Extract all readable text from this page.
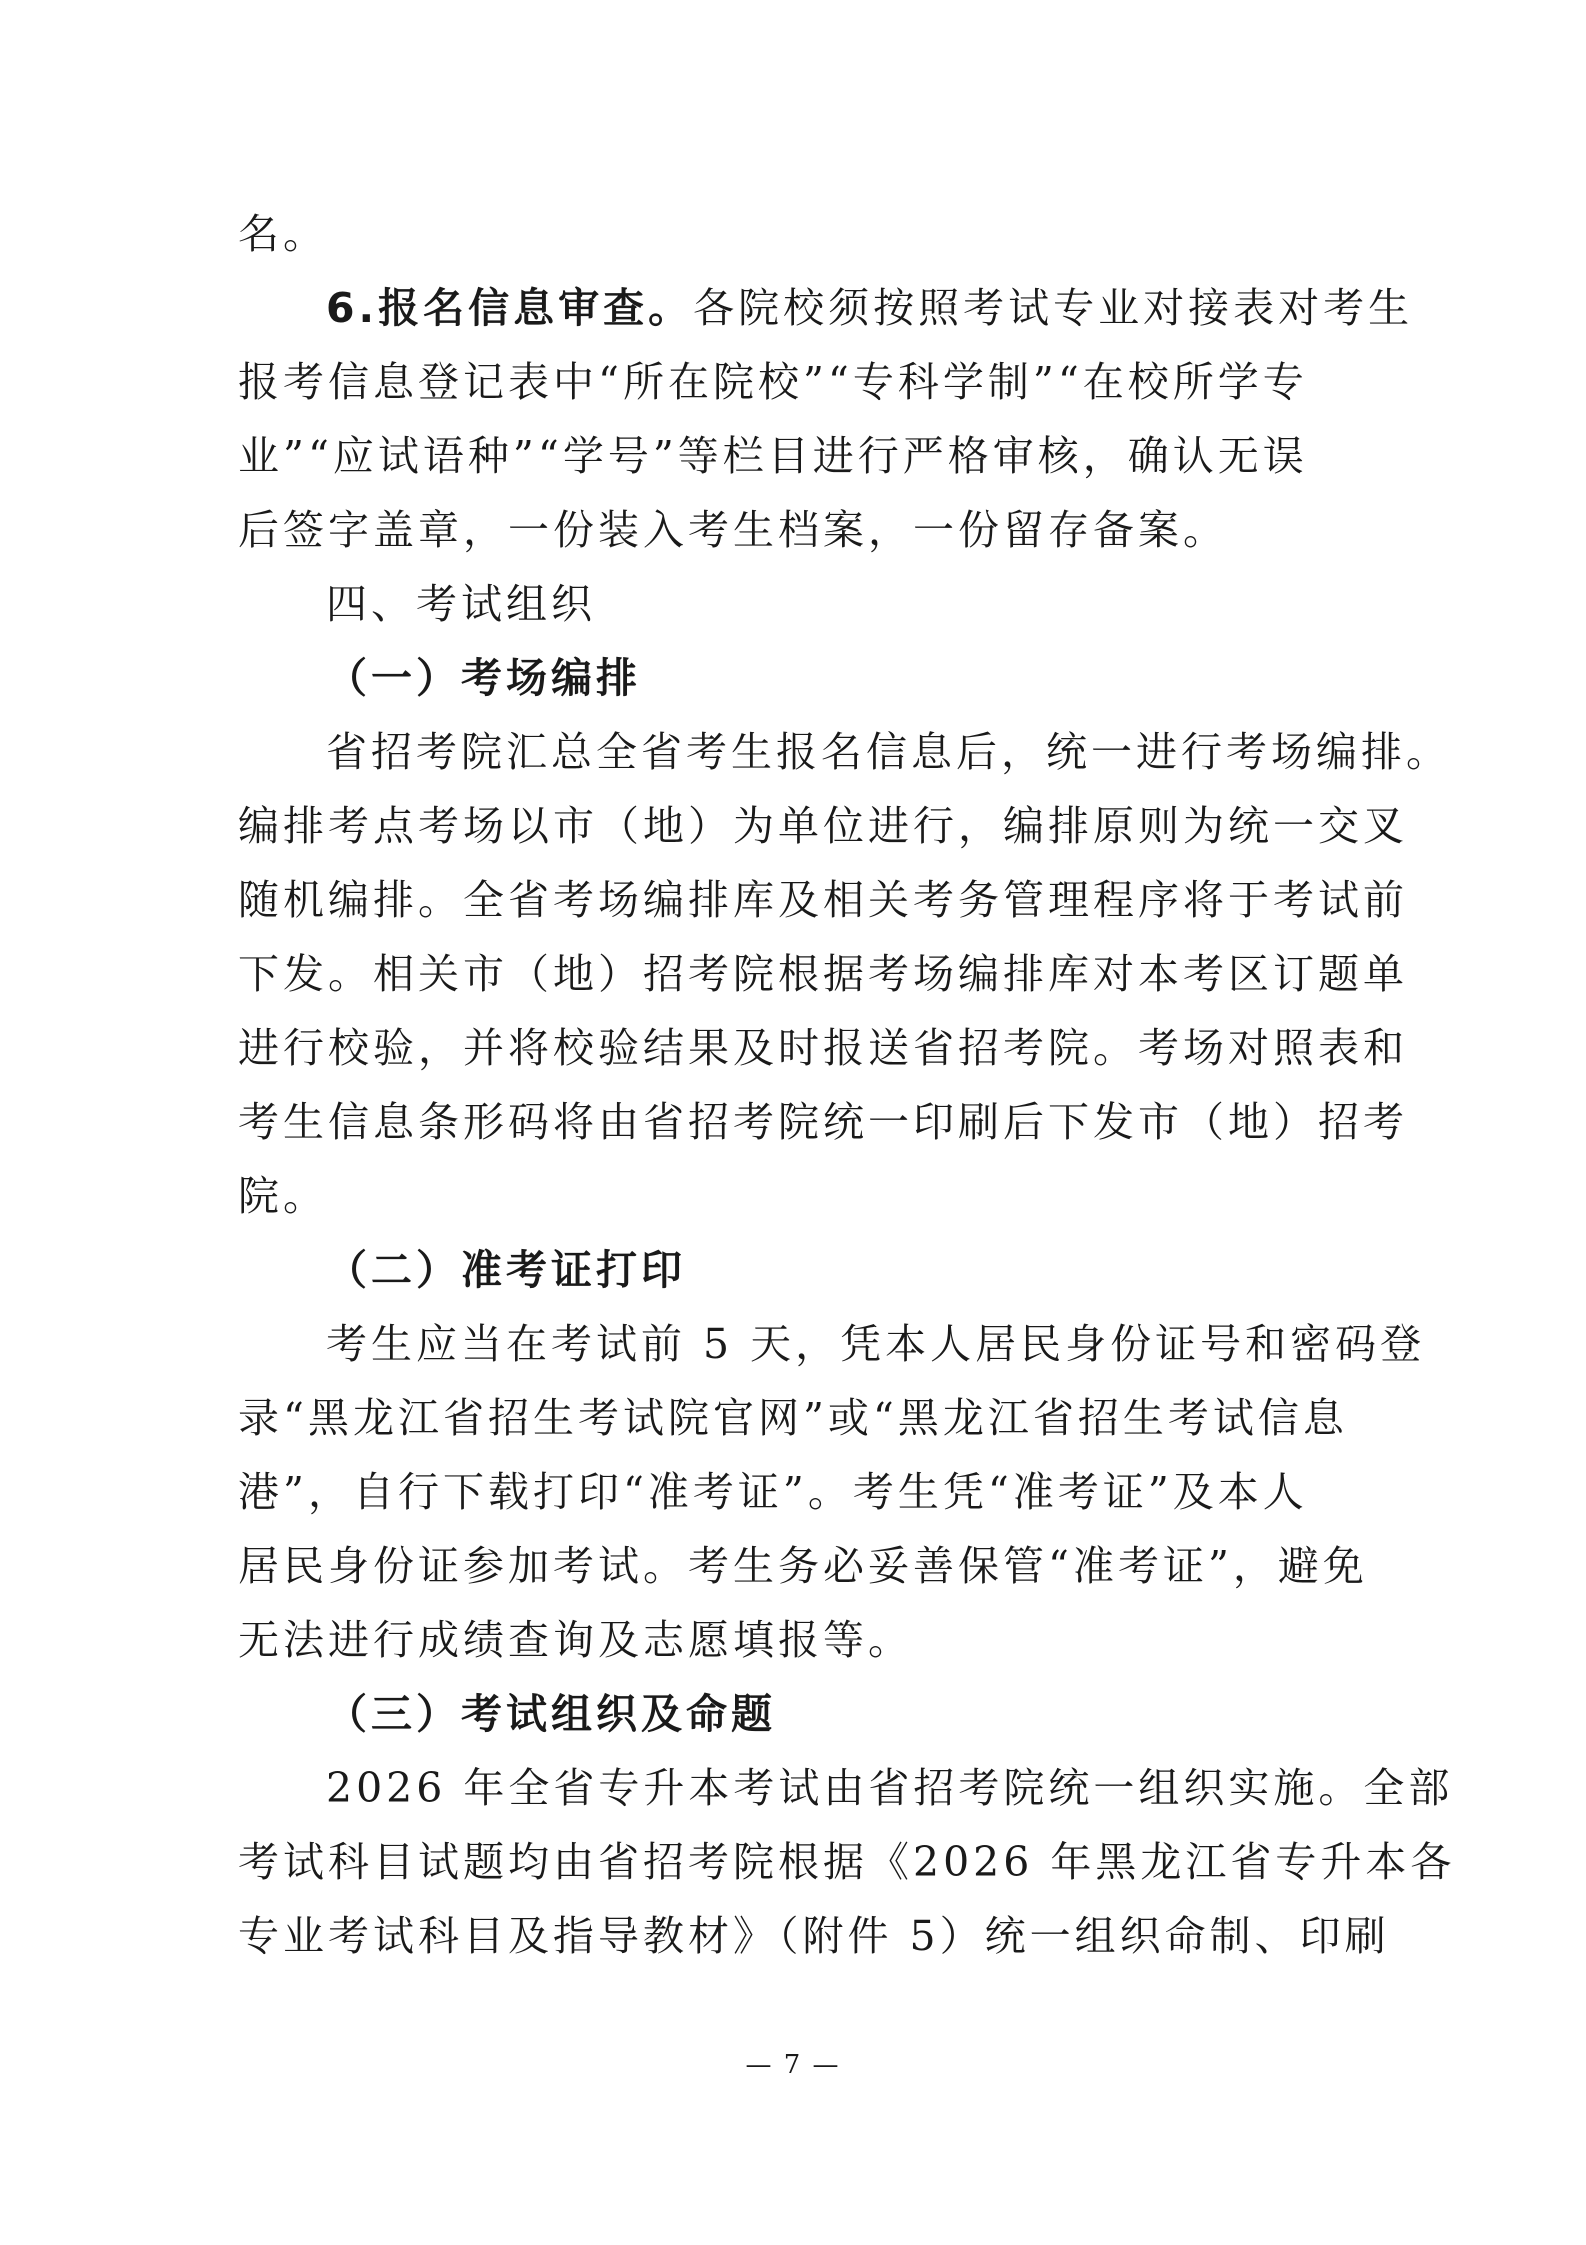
名。
6.报名信息审查。各院校须按照考试专业对接表对考生
报考信息登记表中“所在院校”“专科学制”“在校所学专
业”“应试语种”“学号”等栏目进行严格审核，确认无误
后签字盖章，一份装入考生档案，一份留存备案。
四、考试组织
（一）考场编排
省招考院汇总全省考生报名信息后，统一进行考场编排。
编排考点考场以市（地）为单位进行，编排原则为统一交叉
随机编排。全省考场编排库及相关考务管理程序将于考试前
下发。相关市（地）招考院根据考场编排库对本考区订题单
进行校验，并将校验结果及时报送省招考院。考场对照表和
考生信息条形码将由省招考院统一印刷后下发市（地）招考
院。
（二）准考证打印
考生应当在考试前 5 天，凭本人居民身份证号和密码登
录“黑龙江省招生考试院官网”或“黑龙江省招生考试信息
港”，自行下载打印“准考证”。考生凭“准考证”及本人
居民身份证参加考试。考生务必妥善保管“准考证”，避免
无法进行成绩查询及志愿填报等。
（三）考试组织及命题
2026 年全省专升本考试由省招考院统一组织实施。全部
考试科目试题均由省招考院根据《2026 年黑龙江省专升本各
专业考试科目及指导教材》（附件 5）统一组织命制、印刷
— 7 —
